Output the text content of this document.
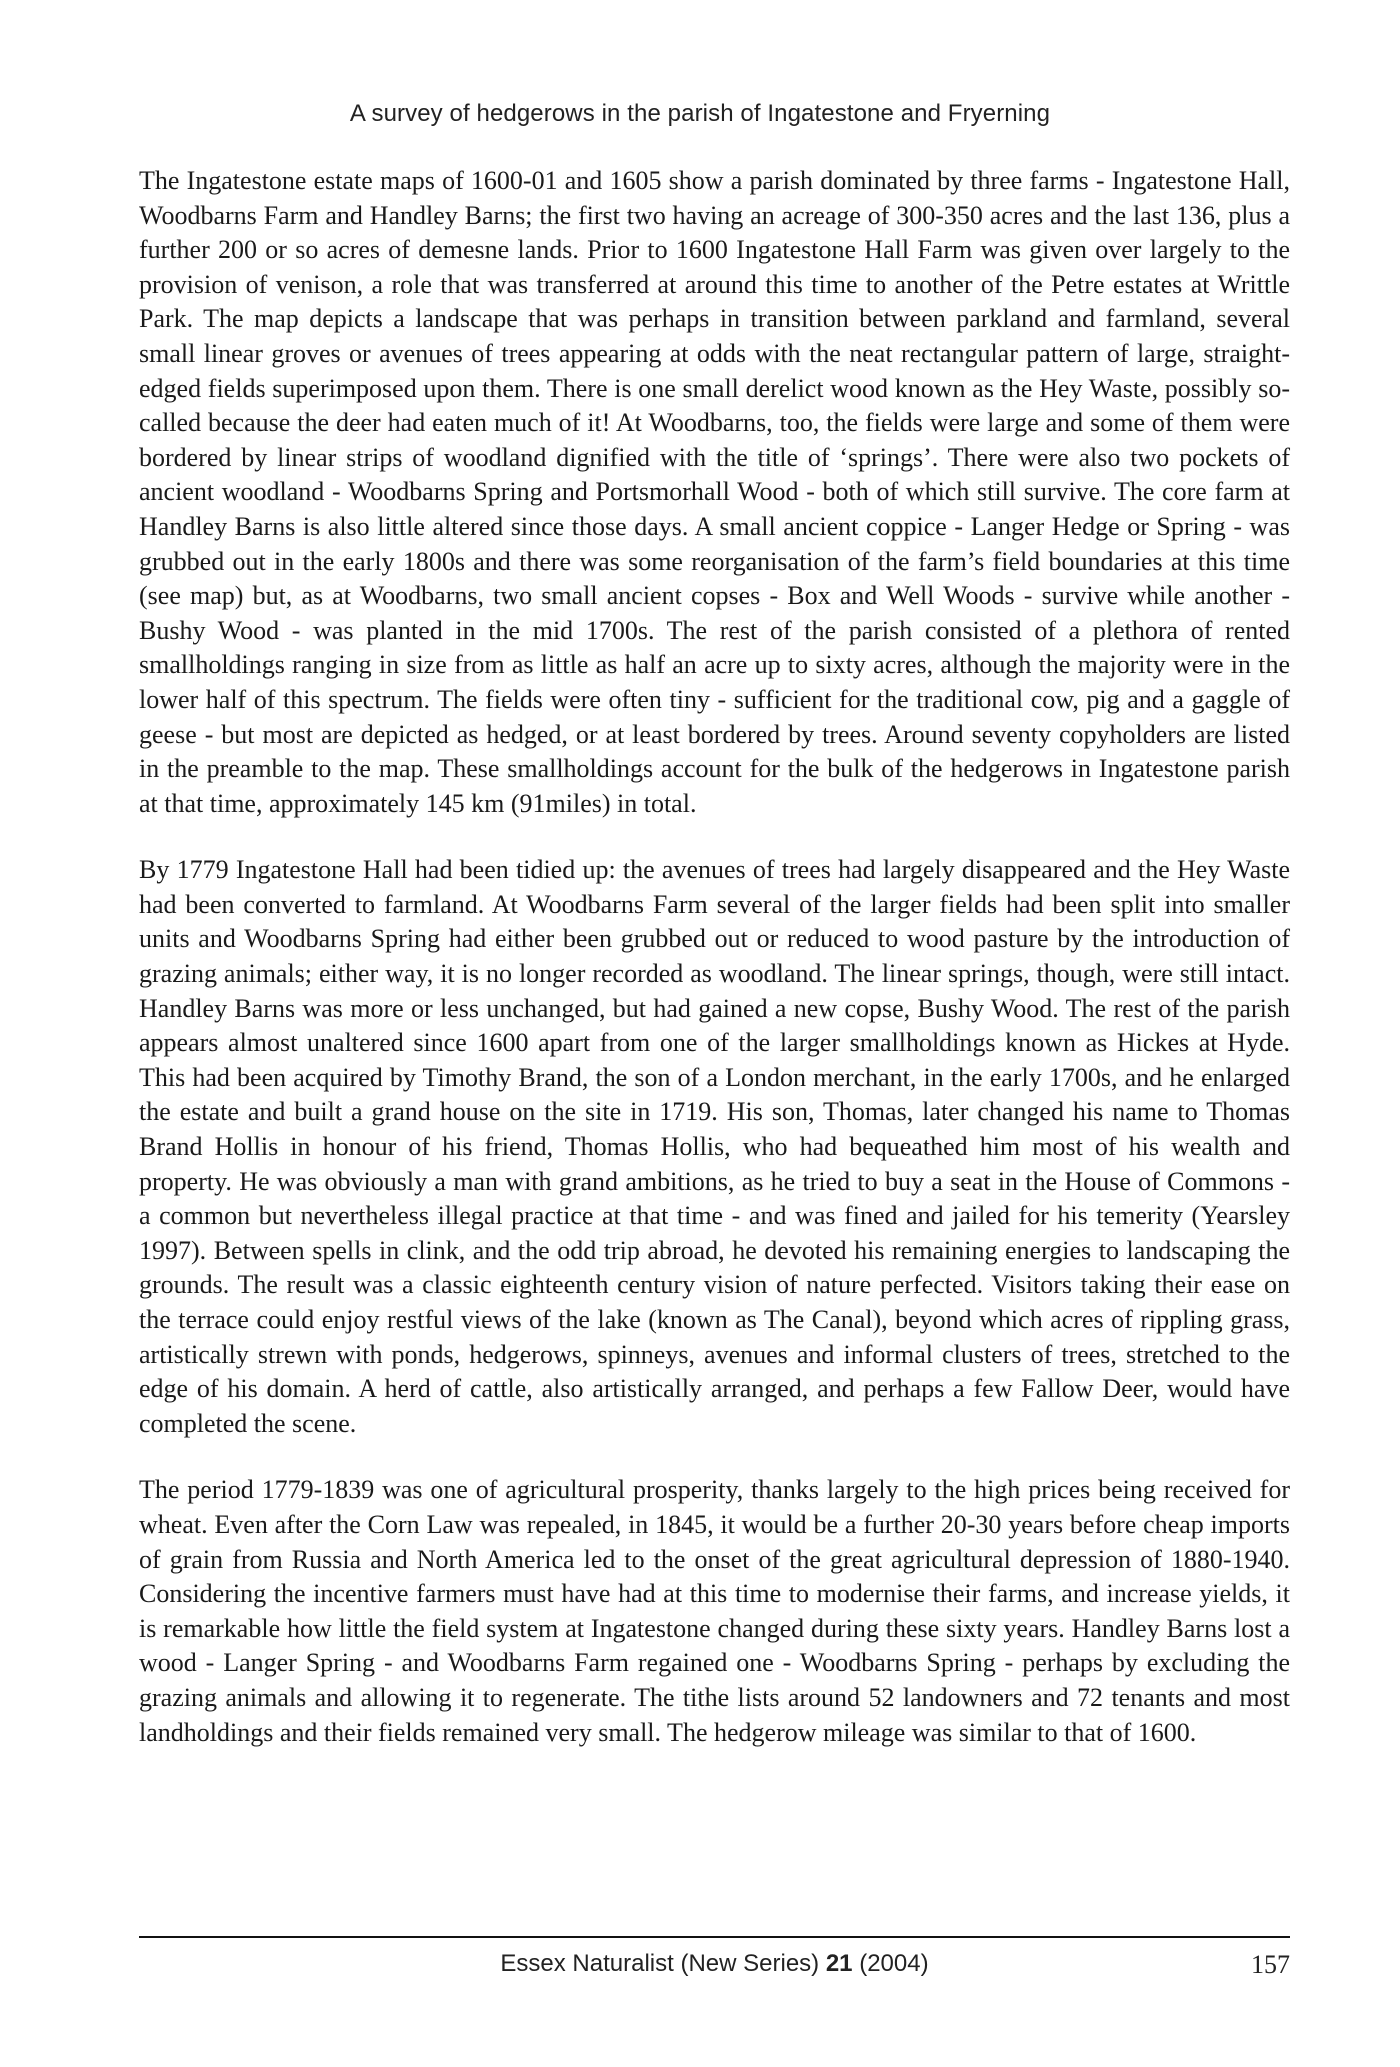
A survey of hedgerows in the parish of Ingatestone and Fryerning

The Ingatestone estate maps of 1600-01 and 1605 show a parish dominated by three farms - Ingatestone Hall, Woodbarns Farm and Handley Barns; the first two having an acreage of 300-350 acres and the last 136, plus a further 200 or so acres of demesne lands. Prior to 1600 Ingatestone Hall Farm was given over largely to the provision of venison, a role that was transferred at around this time to another of the Petre estates at Writtle Park. The map depicts a landscape that was perhaps in transition between parkland and farmland, several small linear groves or avenues of trees appearing at odds with the neat rectangular pattern of large, straight-edged fields superimposed upon them. There is one small derelict wood known as the Hey Waste, possibly so-called because the deer had eaten much of it! At Woodbarns, too, the fields were large and some of them were bordered by linear strips of woodland dignified with the title of ‘springs’. There were also two pockets of ancient woodland - Woodbarns Spring and Portsmorhall Wood - both of which still survive. The core farm at Handley Barns is also little altered since those days. A small ancient coppice - Langer Hedge or Spring - was grubbed out in the early 1800s and there was some reorganisation of the farm’s field boundaries at this time (see map) but, as at Woodbarns, two small ancient copses - Box and Well Woods - survive while another - Bushy Wood - was planted in the mid 1700s. The rest of the parish consisted of a plethora of rented smallholdings ranging in size from as little as half an acre up to sixty acres, although the majority were in the lower half of this spectrum. The fields were often tiny - sufficient for the traditional cow, pig and a gaggle of geese - but most are depicted as hedged, or at least bordered by trees. Around seventy copyholders are listed in the preamble to the map. These smallholdings account for the bulk of the hedgerows in Ingatestone parish at that time, approximately 145 km (91miles) in total.

By 1779 Ingatestone Hall had been tidied up: the avenues of trees had largely disappeared and the Hey Waste had been converted to farmland. At Woodbarns Farm several of the larger fields had been split into smaller units and Woodbarns Spring had either been grubbed out or reduced to wood pasture by the introduction of grazing animals; either way, it is no longer recorded as woodland. The linear springs, though, were still intact. Handley Barns was more or less unchanged, but had gained a new copse, Bushy Wood. The rest of the parish appears almost unaltered since 1600 apart from one of the larger smallholdings known as Hickes at Hyde. This had been acquired by Timothy Brand, the son of a London merchant, in the early 1700s, and he enlarged the estate and built a grand house on the site in 1719. His son, Thomas, later changed his name to Thomas Brand Hollis in honour of his friend, Thomas Hollis, who had bequeathed him most of his wealth and property. He was obviously a man with grand ambitions, as he tried to buy a seat in the House of Commons - a common but nevertheless illegal practice at that time - and was fined and jailed for his temerity (Yearsley 1997). Between spells in clink, and the odd trip abroad, he devoted his remaining energies to landscaping the grounds. The result was a classic eighteenth century vision of nature perfected. Visitors taking their ease on the terrace could enjoy restful views of the lake (known as The Canal), beyond which acres of rippling grass, artistically strewn with ponds, hedgerows, spinneys, avenues and informal clusters of trees, stretched to the edge of his domain. A herd of cattle, also artistically arranged, and perhaps a few Fallow Deer, would have completed the scene.

The period 1779-1839 was one of agricultural prosperity, thanks largely to the high prices being received for wheat. Even after the Corn Law was repealed, in 1845, it would be a further 20-30 years before cheap imports of grain from Russia and North America led to the onset of the great agricultural depression of 1880-1940. Considering the incentive farmers must have had at this time to modernise their farms, and increase yields, it is remarkable how little the field system at Ingatestone changed during these sixty years. Handley Barns lost a wood - Langer Spring - and Woodbarns Farm regained one - Woodbarns Spring - perhaps by excluding the grazing animals and allowing it to regenerate. The tithe lists around 52 landowners and 72 tenants and most landholdings and their fields remained very small. The hedgerow mileage was similar to that of 1600.

Essex Naturalist (New Series) 21 (2004)	157
